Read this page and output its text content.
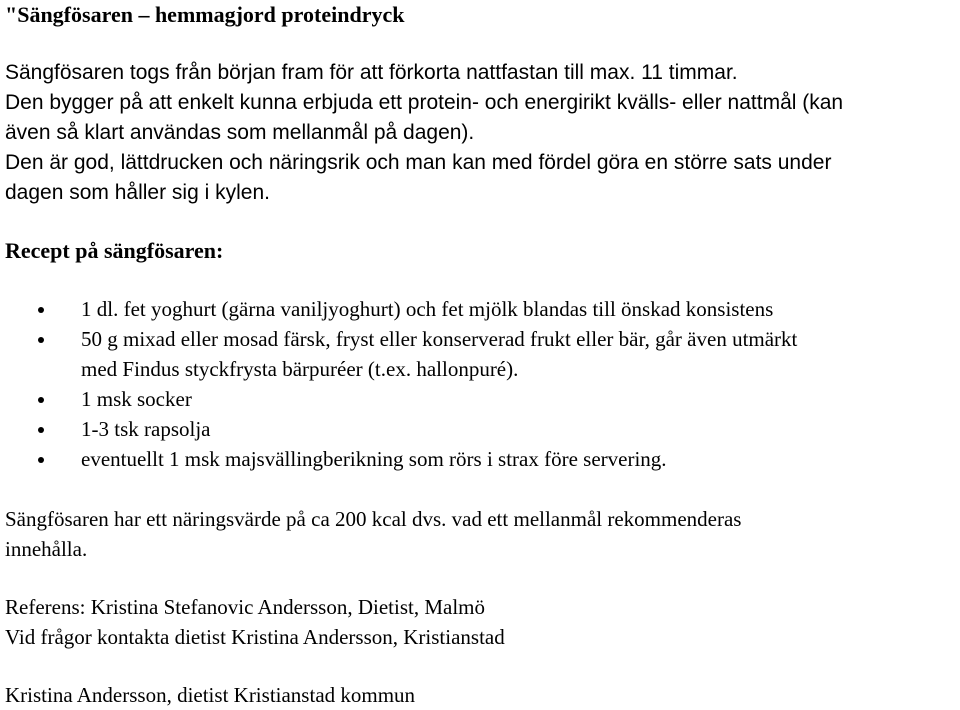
"Sängfösaren – hemmagjord proteindryck
Sängfösaren togs från början fram för att förkorta nattfastan till max. 11 timmar.
Den bygger på att enkelt kunna erbjuda ett protein- och energirikt kvälls- eller nattmål (kan
även så klart användas som mellanmål på dagen).
Den är god, lättdrucken och näringsrik och man kan med fördel göra en större sats under
dagen som håller sig i kylen.
Recept på sängfösaren:
1 dl. fet yoghurt (gärna vaniljyoghurt) och fet mjölk blandas till önskad konsistens
50 g mixad eller mosad färsk, fryst eller konserverad frukt eller bär, går även utmärkt
med Findus styckfrysta bärpuréer (t.ex. hallonpuré).
1 msk socker
1-3 tsk rapsolja
eventuellt 1 msk majsvällingberikning som rörs i strax före servering.
Sängfösaren har ett näringsvärde på ca 200 kcal dvs. vad ett mellanmål rekommenderas
innehålla.
Referens: Kristina Stefanovic Andersson, Dietist, Malmö
Vid frågor kontakta dietist Kristina Andersson, Kristianstad
Kristina Andersson, dietist Kristianstad kommun
